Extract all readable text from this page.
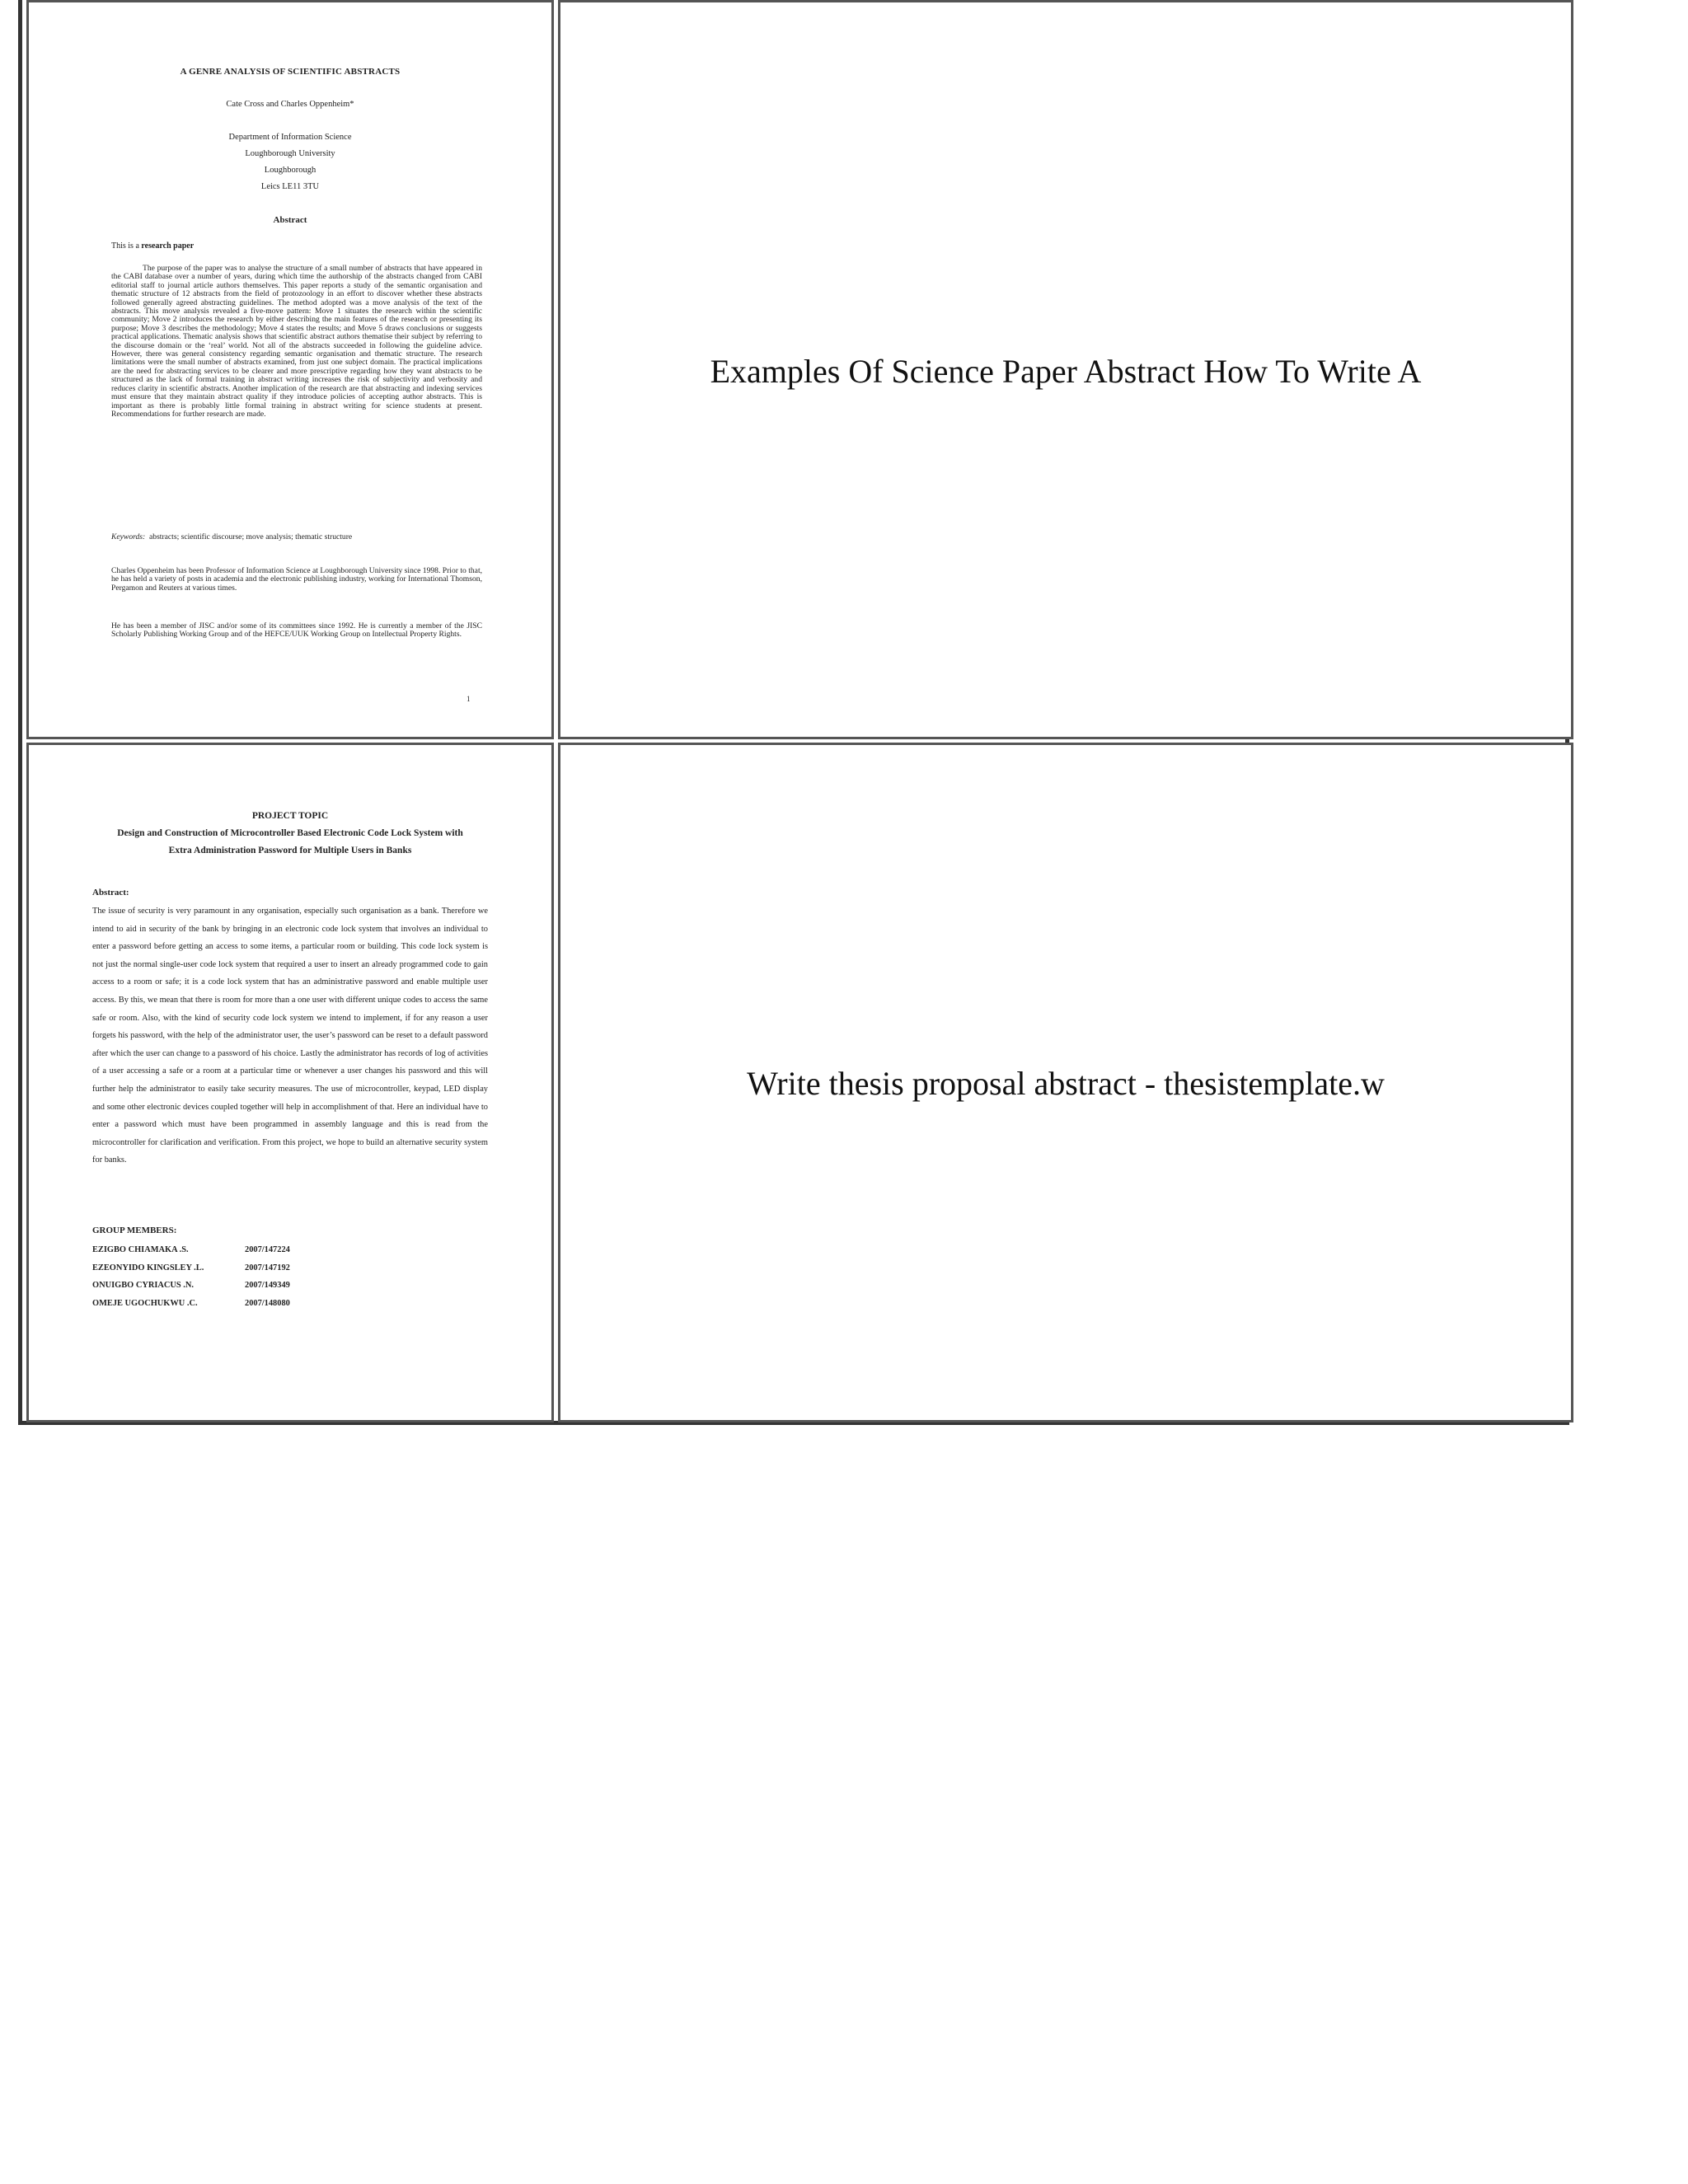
A GENRE ANALYSIS OF SCIENTIFIC ABSTRACTS
Cate Cross and Charles Oppenheim*
Department of Information Science
Loughborough University
Loughborough
Leics LE11 3TU
Abstract
This is a research paper
The purpose of the paper was to analyse the structure of a small number of abstracts that have appeared in the CABI database over a number of years, during which time the authorship of the abstracts changed from CABI editorial staff to journal article authors themselves. This paper reports a study of the semantic organisation and thematic structure of 12 abstracts from the field of protozoology in an effort to discover whether these abstracts followed generally agreed abstracting guidelines. The method adopted was a move analysis of the text of the abstracts. This move analysis revealed a five-move pattern: Move 1 situates the research within the scientific community; Move 2 introduces the research by either describing the main features of the research or presenting its purpose; Move 3 describes the methodology; Move 4 states the results; and Move 5 draws conclusions or suggests practical applications. Thematic analysis shows that scientific abstract authors thematise their subject by referring to the discourse domain or the ‘real’ world. Not all of the abstracts succeeded in following the guideline advice. However, there was general consistency regarding semantic organisation and thematic structure. The research limitations were the small number of abstracts examined, from just one subject domain. The practical implications are the need for abstracting services to be clearer and more prescriptive regarding how they want abstracts to be structured as the lack of formal training in abstract writing increases the risk of subjectivity and verbosity and reduces clarity in scientific abstracts. Another implication of the research are that abstracting and indexing services must ensure that they maintain abstract quality if they introduce policies of accepting author abstracts. This is important as there is probably little formal training in abstract writing for science students at present. Recommendations for further research are made.
Keywords: abstracts; scientific discourse; move analysis; thematic structure
Charles Oppenheim has been Professor of Information Science at Loughborough University since 1998. Prior to that, he has held a variety of posts in academia and the electronic publishing industry, working for International Thomson, Pergamon and Reuters at various times.
He has been a member of JISC and/or some of its committees since 1992. He is currently a member of the JISC Scholarly Publishing Working Group and of the HEFCE/UUK Working Group on Intellectual Property Rights.
1
Examples Of Science Paper Abstract How To Write A
PROJECT TOPIC
Design and Construction of Microcontroller Based Electronic Code Lock System with
Extra Administration Password for Multiple Users in Banks
Abstract:
The issue of security is very paramount in any organisation, especially such organisation as a bank. Therefore we intend to aid in security of the bank by bringing in an electronic code lock system that involves an individual to enter a password before getting an access to some items, a particular room or building. This code lock system is not just the normal single-user code lock system that required a user to insert an already programmed code to gain access to a room or safe; it is a code lock system that has an administrative password and enable multiple user access. By this, we mean that there is room for more than a one user with different unique codes to access the same safe or room. Also, with the kind of security code lock system we intend to implement, if for any reason a user forgets his password, with the help of the administrator user, the user’s password can be reset to a default password after which the user can change to a password of his choice. Lastly the administrator has records of log of activities of a user accessing a safe or a room at a particular time or whenever a user changes his password and this will further help the administrator to easily take security measures. The use of microcontroller, keypad, LED display and some other electronic devices coupled together will help in accomplishment of that. Here an individual have to enter a password which must have been programmed in assembly language and this is read from the microcontroller for clarification and verification. From this project, we hope to build an alternative security system for banks.
GROUP MEMBERS:
EZIGBO CHIAMAKA .S.	2007/147224
EZEONYIDO KINGSLEY .L.	2007/147192
ONUIGBO CYRIACUS .N.	2007/149349
OMEJE UGOCHUKWU .C.	2007/148080
Write thesis proposal abstract - thesistemplate.w
